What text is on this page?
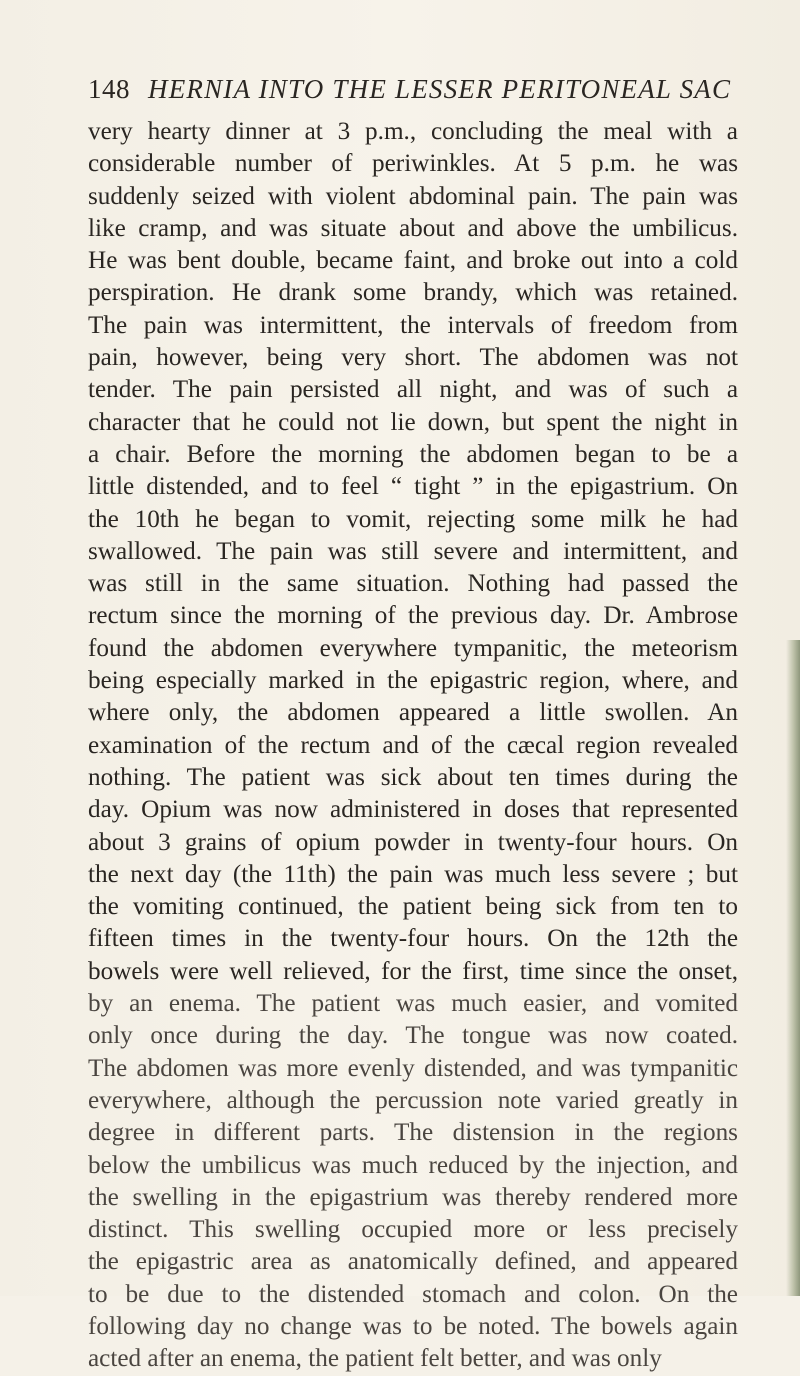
148 HERNIA INTO THE LESSER PERITONEAL SAC
very hearty dinner at 3 p.m., concluding the meal with a
considerable number of periwinkles. At 5 p.m. he was
suddenly seized with violent abdominal pain. The pain was
like cramp, and was situate about and above the umbilicus.
He was bent double, became faint, and broke out into a cold
perspiration. He drank some brandy, which was retained.
The pain was intermittent, the intervals of freedom from
pain, however, being very short. The abdomen was not
tender. The pain persisted all night, and was of such a
character that he could not lie down, but spent the night in
a chair. Before the morning the abdomen began to be a
little distended, and to feel “ tight ” in the epigastrium. On
the 10th he began to vomit, rejecting some milk he had
swallowed. The pain was still severe and intermittent, and
was still in the same situation. Nothing had passed the
rectum since the morning of the previous day. Dr. Ambrose
found the abdomen everywhere tympanitic, the meteorism
being especially marked in the epigastric region, where, and
where only, the abdomen appeared a little swollen. An
examination of the rectum and of the cæcal region revealed
nothing. The patient was sick about ten times during the
day. Opium was now administered in doses that represented
about 3 grains of opium powder in twenty-four hours. On
the next day (the 11th) the pain was much less severe ; but
the vomiting continued, the patient being sick from ten to
fifteen times in the twenty-four hours. On the 12th the
bowels were well relieved, for the first, time since the onset,
by an enema. The patient was much easier, and vomited
only once during the day. The tongue was now coated.
The abdomen was more evenly distended, and was tympanitic
everywhere, although the percussion note varied greatly in
degree in different parts. The distension in the regions
below the umbilicus was much reduced by the injection, and
the swelling in the epigastrium was thereby rendered more
distinct. This swelling occupied more or less precisely
the epigastric area as anatomically defined, and appeared
to be due to the distended stomach and colon. On the
following day no change was to be noted. The bowels again
acted after an enema, the patient felt better, and was only
